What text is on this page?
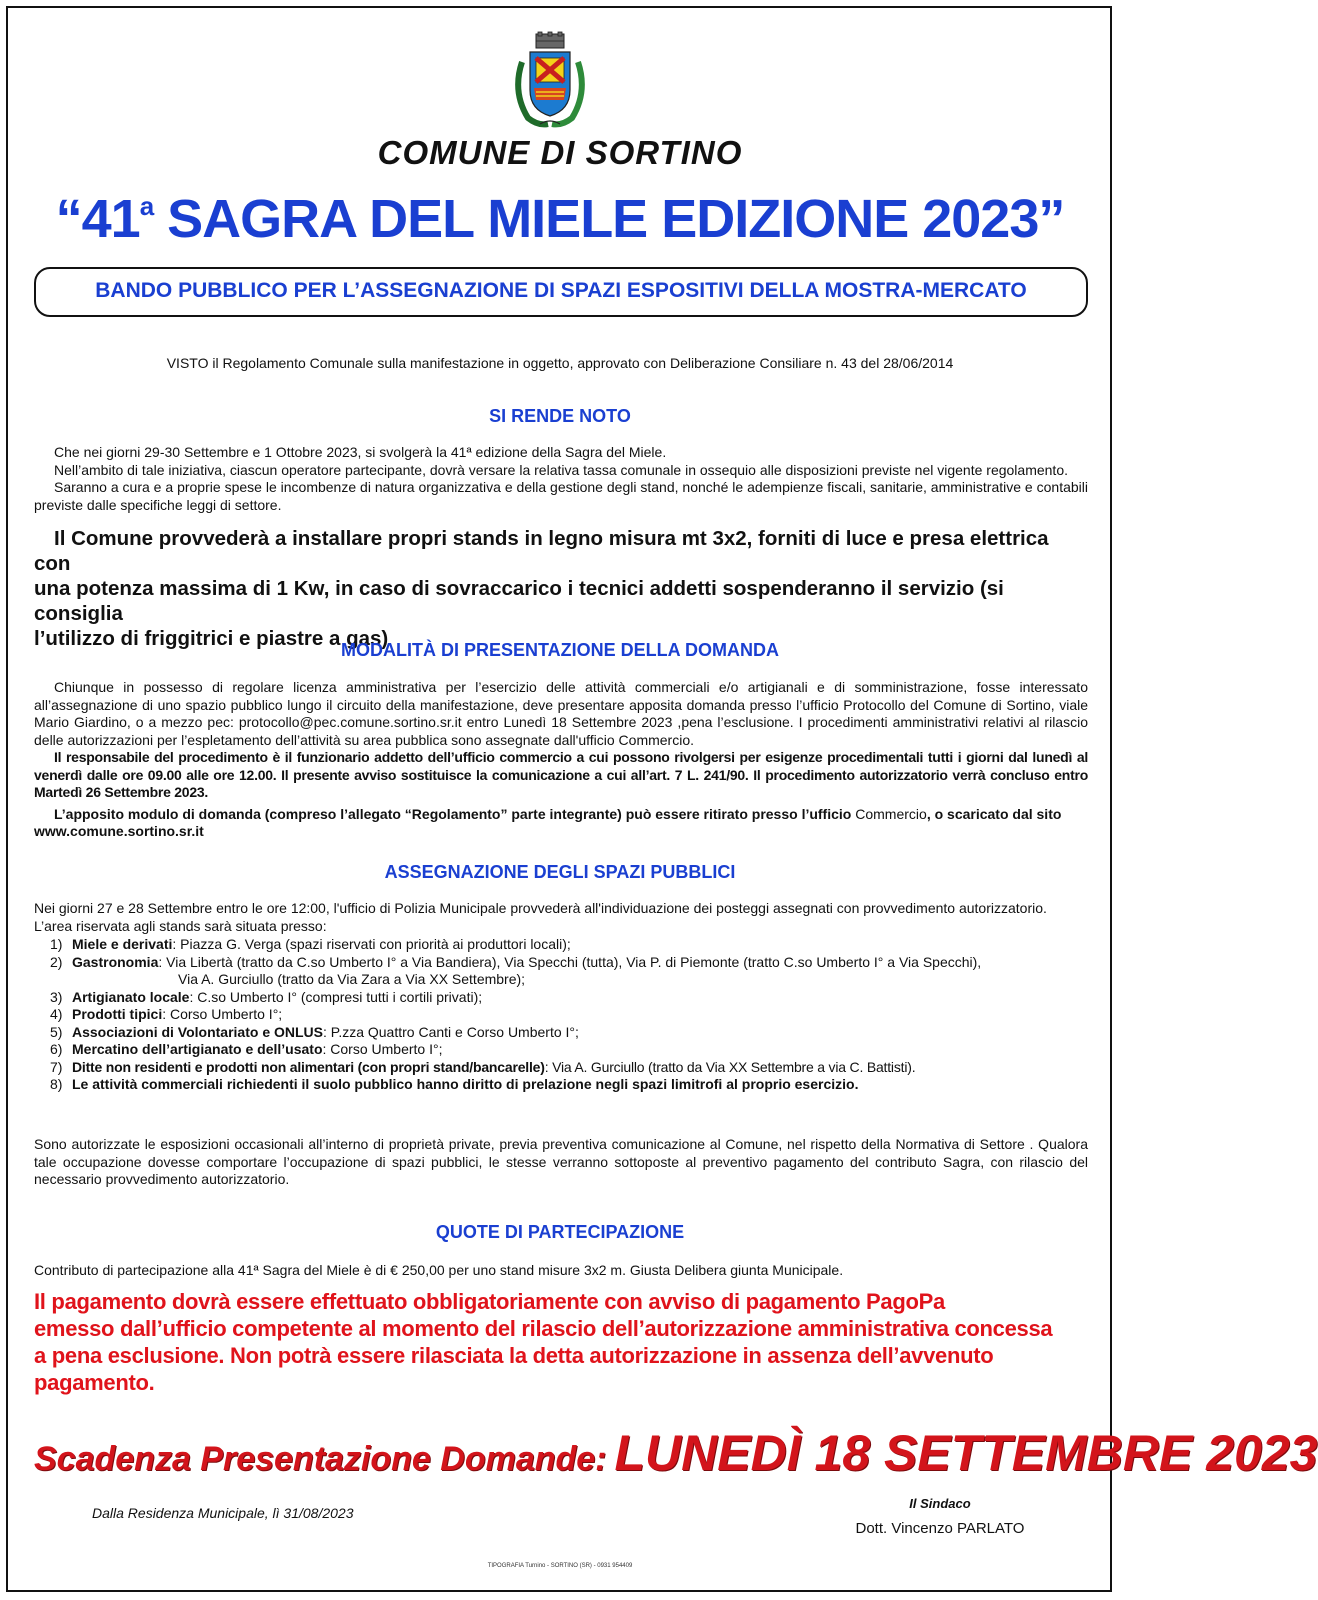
COMUNE DI SORTINO
“41$^a$ SAGRA DEL MIELE EDIZIONE 2023”
BANDO PUBBLICO PER L’ASSEGNAZIONE DI SPAZI ESPOSITIVI DELLA MOSTRA-MERCATO
VISTO il Regolamento Comunale sulla manifestazione in oggetto, approvato con Deliberazione Consiliare n. 43 del 28/06/2014
SI RENDE NOTO
Che nei giorni 29-30 Settembre e 1 Ottobre 2023, si svolgerà la 41ª edizione della Sagra del Miele.
Nell’ambito di tale iniziativa, ciascun operatore partecipante, dovrà versare la relativa tassa comunale in ossequio alle disposizioni previste nel vigente regolamento.
Saranno a cura e a proprie spese le incombenze di natura organizzativa e della gestione degli stand, nonché le adempienze fiscali, sanitarie, amministrative e contabili previste dalle specifiche leggi di settore.
Il Comune provvederà a installare propri stands in legno misura mt 3x2, forniti di luce e presa elettrica con
una potenza massima di 1 Kw, in caso di sovraccarico i tecnici addetti sospenderanno il servizio (si consiglia
l’utilizzo di friggitrici e piastre a gas)
MODALITÀ DI PRESENTAZIONE DELLA DOMANDA
Chiunque in possesso di regolare licenza amministrativa per l’esercizio delle attività commerciali e/o artigianali e di somministrazione, fosse interessato all’assegnazione di uno spazio pubblico lungo il circuito della manifestazione, deve presentare apposita domanda presso l’ufficio Protocollo del Comune di Sortino, viale Mario Giardino, o a mezzo pec: protocollo@pec.comune.sortino.sr.it entro Lunedì 18 Settembre 2023 ,pena l’esclusione. I procedimenti amministrativi relativi al rilascio delle autorizzazioni per l’espletamento dell’attività su area pubblica sono assegnate dall'ufficio Commercio.
Il responsabile del procedimento è il funzionario addetto dell’ufficio commercio a cui possono rivolgersi per esigenze procedimentali tutti i giorni dal lunedì al venerdì dalle ore 09.00 alle ore 12.00. Il presente avviso sostituisce la comunicazione a cui all’art. 7 L. 241/90. Il procedimento autorizzatorio verrà concluso entro Martedì 26 Settembre 2023.
L’apposito modulo di domanda (compreso l’allegato “Regolamento” parte integrante) può essere ritirato presso l’ufficio Commercio, o scaricato dal sito
www.comune.sortino.sr.it
ASSEGNAZIONE DEGLI SPAZI PUBBLICI
Nei giorni 27 e 28 Settembre entro le ore 12:00, l'ufficio di Polizia Municipale provvederà all'individuazione dei posteggi assegnati con provvedimento autorizzatorio.
L’area riservata agli stands sarà situata presso:
1) Miele e derivati: Piazza G. Verga (spazi riservati con priorità ai produttori locali);
2) Gastronomia: Via Libertà (tratto da C.so Umberto I° a Via Bandiera), Via Specchi (tutta), Via P. di Piemonte (tratto C.so Umberto I° a Via Specchi),
Via A. Gurciullo (tratto da Via Zara a Via XX Settembre);
3) Artigianato locale: C.so Umberto I° (compresi tutti i cortili privati);
4) Prodotti tipici: Corso Umberto I°;
5) Associazioni di Volontariato e ONLUS: P.zza Quattro Canti e Corso Umberto I°;
6) Mercatino dell’artigianato e dell’usato: Corso Umberto I°;
7) Ditte non residenti e prodotti non alimentari (con propri stand/bancarelle): Via A. Gurciullo (tratto da Via XX Settembre a via C. Battisti).
8) Le attività commerciali richiedenti il suolo pubblico hanno diritto di prelazione negli spazi limitrofi al proprio esercizio.
Sono autorizzate le esposizioni occasionali all’interno di proprietà private, previa preventiva comunicazione al Comune, nel rispetto della Normativa di Settore . Qualora tale occupazione dovesse comportare l’occupazione di spazi pubblici, le stesse verranno sottoposte al preventivo pagamento del contributo Sagra, con rilascio del necessario provvedimento autorizzatorio.
QUOTE DI PARTECIPAZIONE
Contributo di partecipazione alla 41ª Sagra del Miele è di € 250,00 per uno stand misure 3x2 m. Giusta Delibera giunta Municipale.
Il pagamento dovrà essere effettuato obbligatoriamente con avviso di pagamento PagoPa
emesso dall’ufficio competente al momento del rilascio dell’autorizzazione amministrativa concessa
a pena esclusione. Non potrà essere rilasciata la detta autorizzazione in assenza dell’avvenuto pagamento.
Scadenza Presentazione Domande: LUNEDÌ 18 SETTEMBRE 2023
Dalla Residenza Municipale, lì 31/08/2023
Il Sindaco
Dott. Vincenzo PARLATO
TIPOGRAFIA Turnino - SORTINO (SR) - 0931 954409
